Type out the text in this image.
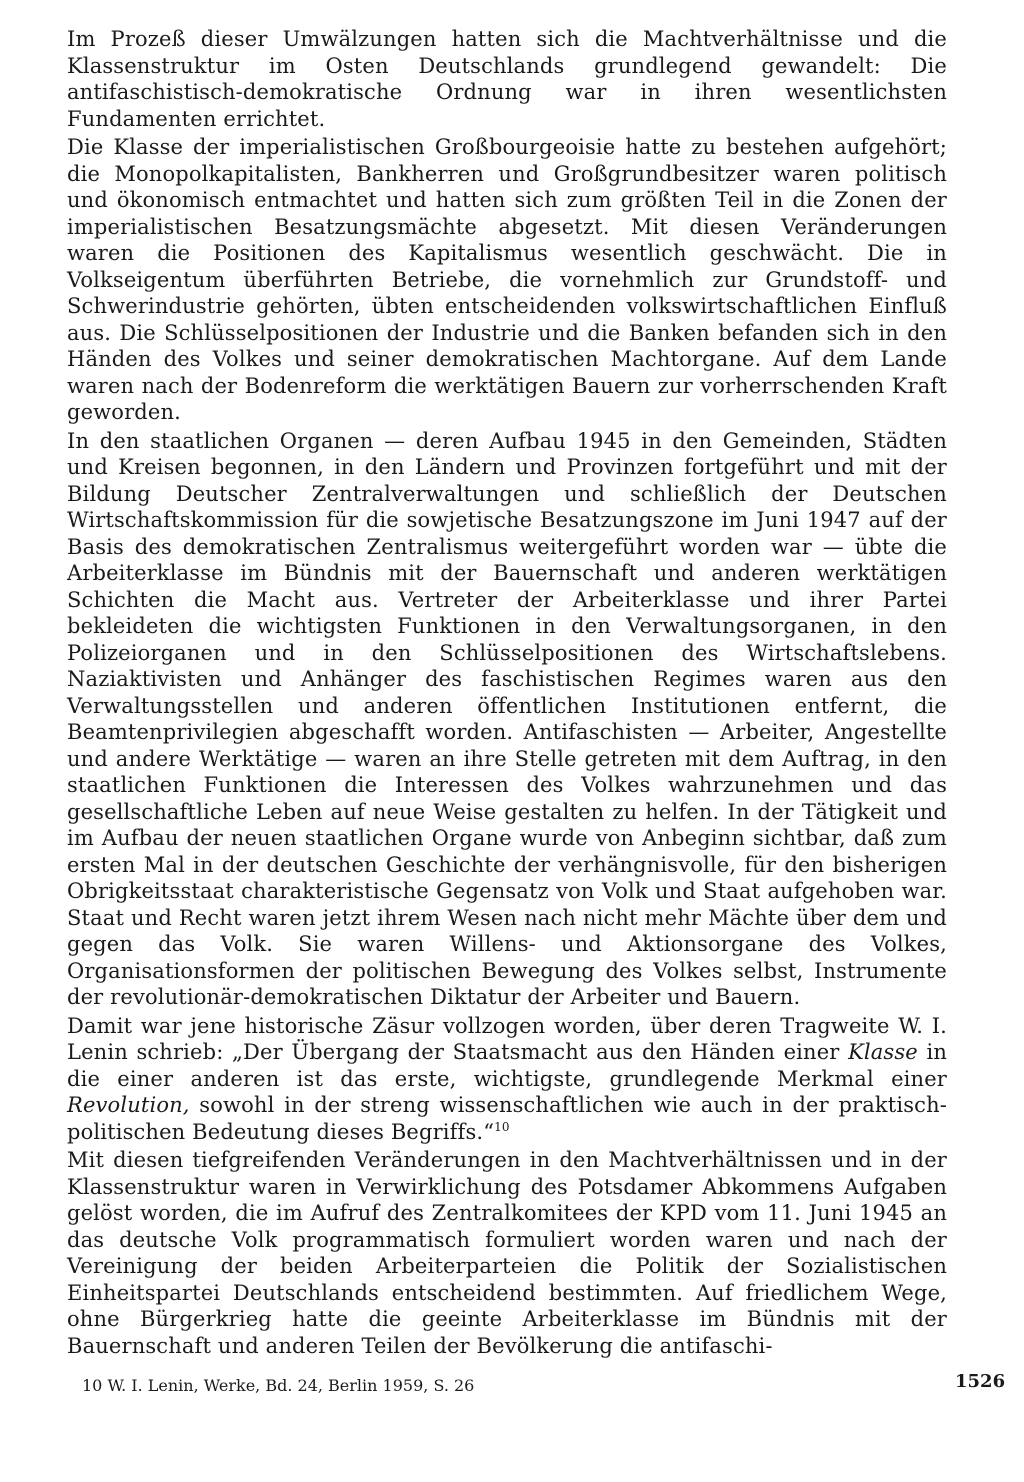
Im Prozeß dieser Umwälzungen hatten sich die Machtverhältnisse und die Klassenstruktur im Osten Deutschlands grundlegend gewandelt: Die antifaschistisch-demokratische Ordnung war in ihren wesentlichsten Fundamenten errichtet.

Die Klasse der imperialistischen Großbourgeoisie hatte zu bestehen aufgehört; die Monopolkapitalisten, Bankherren und Großgrundbesitzer waren politisch und ökonomisch entmachtet und hatten sich zum größten Teil in die Zonen der imperialistischen Besatzungsmächte abgesetzt. Mit diesen Veränderungen waren die Positionen des Kapitalismus wesentlich geschwächt. Die in Volkseigentum überführten Betriebe, die vornehmlich zur Grundstoff- und Schwerindustrie gehörten, übten entscheidenden volkswirtschaftlichen Einfluß aus. Die Schlüsselpositionen der Industrie und die Banken befanden sich in den Händen des Volkes und seiner demokratischen Machtorgane. Auf dem Lande waren nach der Bodenreform die werktätigen Bauern zur vorherrschenden Kraft geworden.

In den staatlichen Organen — deren Aufbau 1945 in den Gemeinden, Städten und Kreisen begonnen, in den Ländern und Provinzen fortgeführt und mit der Bildung Deutscher Zentralverwaltungen und schließlich der Deutschen Wirtschaftskommission für die sowjetische Besatzungszone im Juni 1947 auf der Basis des demokratischen Zentralismus weitergeführt worden war — übte die Arbeiterklasse im Bündnis mit der Bauernschaft und anderen werktätigen Schichten die Macht aus. Vertreter der Arbeiterklasse und ihrer Partei bekleideten die wichtigsten Funktionen in den Verwaltungsorganen, in den Polizeiorganen und in den Schlüsselpositionen des Wirtschaftslebens. Naziaktivisten und Anhänger des faschistischen Regimes waren aus den Verwaltungsstellen und anderen öffentlichen Institutionen entfernt, die Beamtenprivilegien abgeschafft worden. Antifaschisten — Arbeiter, Angestellte und andere Werktätige — waren an ihre Stelle getreten mit dem Auftrag, in den staatlichen Funktionen die Interessen des Volkes wahrzunehmen und das gesellschaftliche Leben auf neue Weise gestalten zu helfen. In der Tätigkeit und im Aufbau der neuen staatlichen Organe wurde von Anbeginn sichtbar, daß zum ersten Mal in der deutschen Geschichte der verhängnisvolle, für den bisherigen Obrigkeitsstaat charakteristische Gegensatz von Volk und Staat aufgehoben war. Staat und Recht waren jetzt ihrem Wesen nach nicht mehr Mächte über dem und gegen das Volk. Sie waren Willens- und Aktionsorgane des Volkes, Organisationsformen der politischen Bewegung des Volkes selbst, Instrumente der revolutionär-demokratischen Diktatur der Arbeiter und Bauern.

Damit war jene historische Zäsur vollzogen worden, über deren Tragweite W. I. Lenin schrieb: „Der Übergang der Staatsmacht aus den Händen einer Klasse in die einer anderen ist das erste, wichtigste, grundlegende Merkmal einer Revolution, sowohl in der streng wissenschaftlichen wie auch in der praktisch-politischen Bedeutung dieses Begriffs.“$^{10}$

Mit diesen tiefgreifenden Veränderungen in den Machtverhältnissen und in der Klassenstruktur waren in Verwirklichung des Potsdamer Abkommens Aufgaben gelöst worden, die im Aufruf des Zentralkomitees der KPD vom 11. Juni 1945 an das deutsche Volk programmatisch formuliert worden waren und nach der Vereinigung der beiden Arbeiterparteien die Politik der Sozialistischen Einheitspartei Deutschlands entscheidend bestimmten. Auf friedlichem Wege, ohne Bürgerkrieg hatte die geeinte Arbeiterklasse im Bündnis mit der Bauernschaft und anderen Teilen der Bevölkerung die antifaschi-

10 W. I. Lenin, Werke, Bd. 24, Berlin 1959, S. 26	1526
